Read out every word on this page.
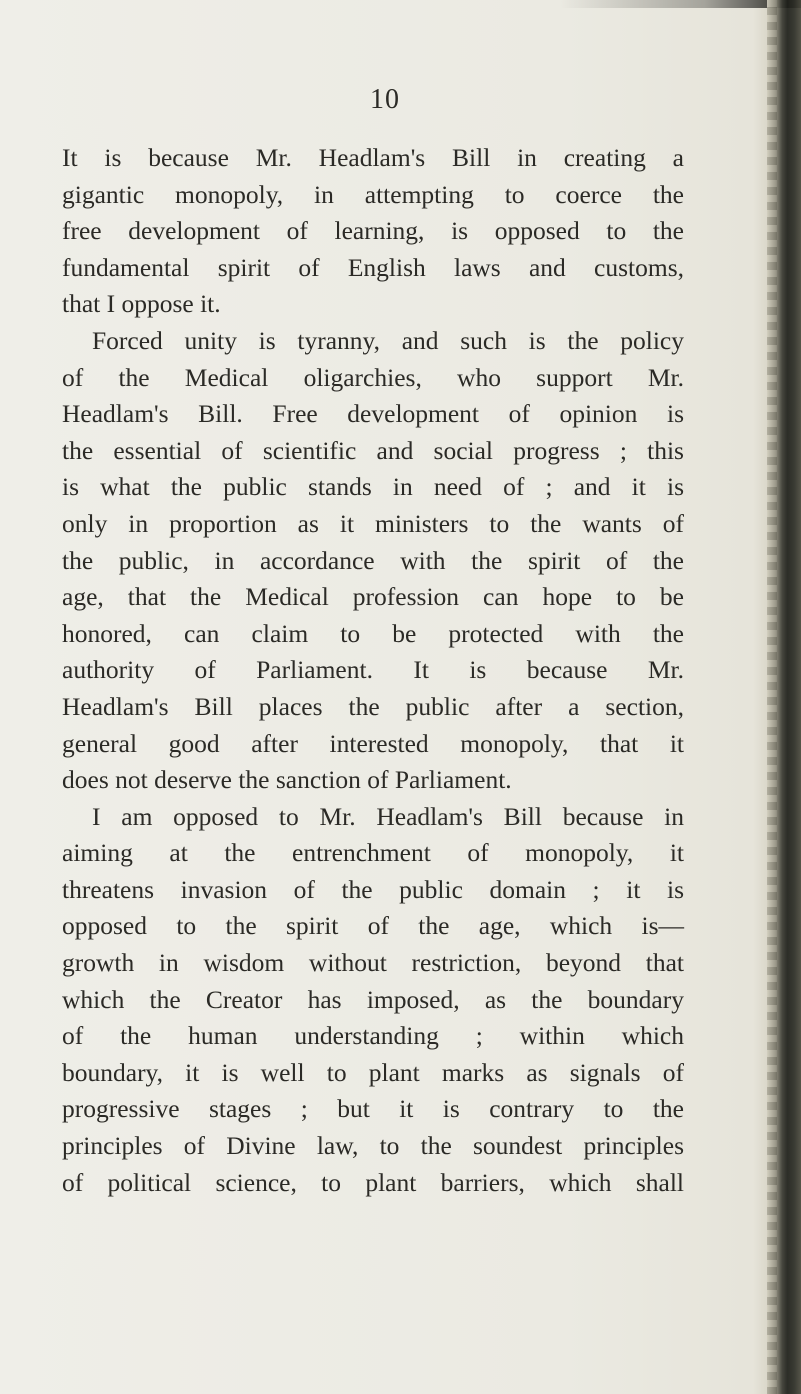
10
It is because Mr. Headlam's Bill in creating a
gigantic monopoly, in attempting to coerce the
free development of learning, is opposed to the
fundamental spirit of English laws and customs,
that I oppose it.
Forced unity is tyranny, and such is the policy
of the Medical oligarchies, who support Mr.
Headlam's Bill. Free development of opinion is
the essential of scientific and social progress ; this
is what the public stands in need of ; and it is
only in proportion as it ministers to the wants of
the public, in accordance with the spirit of the
age, that the Medical profession can hope to be
honored, can claim to be protected with the
authority of Parliament. It is because Mr.
Headlam's Bill places the public after a section,
general good after interested monopoly, that it
does not deserve the sanction of Parliament.
I am opposed to Mr. Headlam's Bill because in
aiming at the entrenchment of monopoly, it
threatens invasion of the public domain ; it is
opposed to the spirit of the age, which is—
growth in wisdom without restriction, beyond that
which the Creator has imposed, as the boundary
of the human understanding ; within which
boundary, it is well to plant marks as signals of
progressive stages ; but it is contrary to the
principles of Divine law, to the soundest principles
of political science, to plant barriers, which shall
